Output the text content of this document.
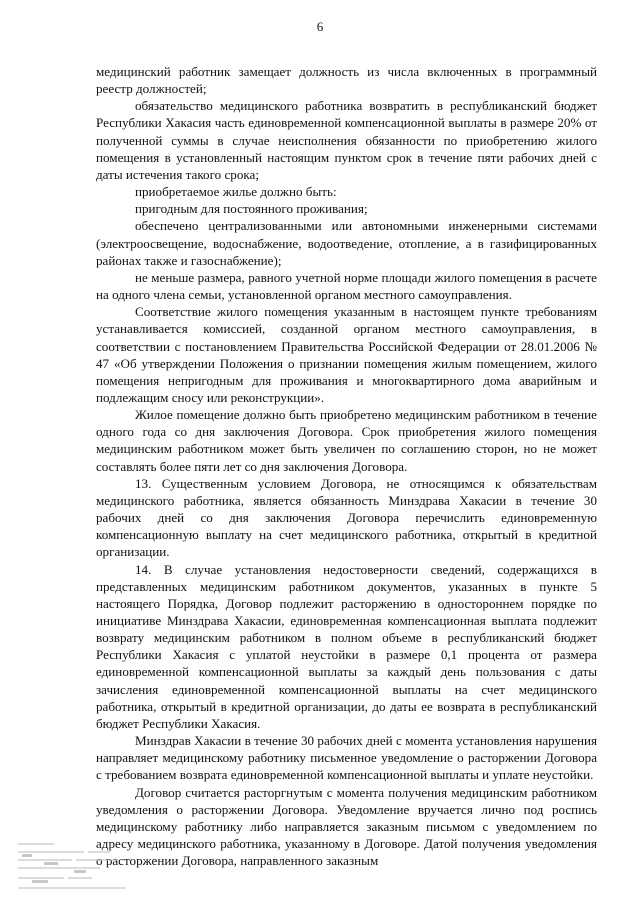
6

медицинский работник замещает должность из числа включенных в программный реестр должностей;

обязательство медицинского работника возвратить в республиканский бюджет Республики Хакасия часть единовременной компенсационной выплаты в размере 20% от полученной суммы в случае неисполнения обязанности по приобретению жилого помещения в установленный настоящим пунктом срок в течение пяти рабочих дней с даты истечения такого срока;

приобретаемое жилье должно быть:

пригодным для постоянного проживания;

обеспечено централизованными или автономными инженерными системами (электроосвещение, водоснабжение, водоотведение, отопление, а в газифицированных районах также и газоснабжение);

не меньше размера, равного учетной норме площади жилого помещения в расчете на одного члена семьи, установленной органом местного самоуправления.

Соответствие жилого помещения указанным в настоящем пункте требованиям устанавливается комиссией, созданной органом местного самоуправления, в соответствии с постановлением Правительства Российской Федерации от 28.01.2006 № 47 «Об утверждении Положения о признании помещения жилым помещением, жилого помещения непригодным для проживания и многоквартирного дома аварийным и подлежащим сносу или реконструкции».

Жилое помещение должно быть приобретено медицинским работником в течение одного года со дня заключения Договора. Срок приобретения жилого помещения медицинским работником может быть увеличен по соглашению сторон, но не может составлять более пяти лет со дня заключения Договора.

13. Существенным условием Договора, не относящимся к обязательствам медицинского работника, является обязанность Минздрава Хакасии в течение 30 рабочих дней со дня заключения Договора перечислить единовременную компенсационную выплату на счет медицинского работника, открытый в кредитной организации.

14. В случае установления недостоверности сведений, содержащихся в представленных медицинским работником документов, указанных в пункте 5 настоящего Порядка, Договор подлежит расторжению в одностороннем порядке по инициативе Минздрава Хакасии, единовременная компенсационная выплата подлежит возврату медицинским работником в полном объеме в республиканский бюджет Республики Хакасия с уплатой неустойки в размере 0,1 процента от размера единовременной компенсационной выплаты за каждый день пользования с даты зачисления единовременной компенсационной выплаты на счет медицинского работника, открытый в кредитной организации, до даты ее возврата в республиканский бюджет Республики Хакасия.

Минздрав Хакасии в течение 30 рабочих дней с момента установления нарушения направляет медицинскому работнику письменное уведомление о расторжении Договора с требованием возврата единовременной компенсационной выплаты и уплате неустойки.

Договор считается расторгнутым с момента получения медицинским работником уведомления о расторжении Договора. Уведомление вручается лично под роспись медицинскому работнику либо направляется заказным письмом с уведомлением по адресу медицинского работника, указанному в Договоре. Датой получения уведомления о расторжении Договора, направленного заказным
